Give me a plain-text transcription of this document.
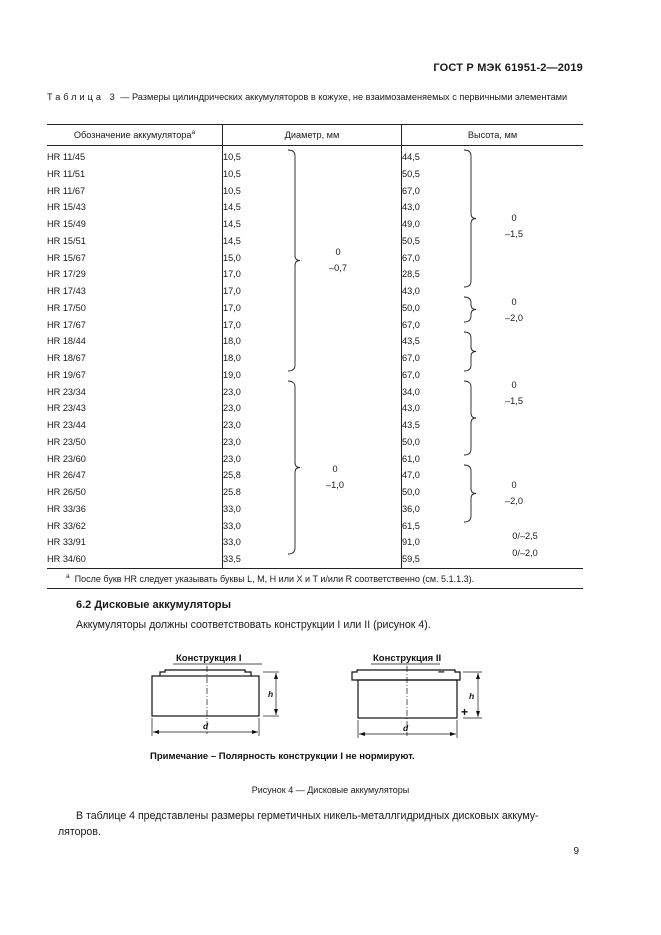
ГОСТ Р МЭК 61951-2—2019
Таблица 3 — Размеры цилиндрических аккумуляторов в кожухе, не взаимозаменяемых с первичными элементами
Обозначение аккумулятора$^а$	Диаметр, мм	Высота, мм
HR 11/45	10,5	44,5
HR 11/51	10,5	50,5
HR 11/67	10,5	67,0
HR 15/43	14,5	43,0
HR 15/49	14,5	49,0
HR 15/51	14,5	50,5
HR 15/67	15,0	67,0
HR 17/29	17,0	28,5
HR 17/43	17,0	43,0
HR 17/50	17,0	50,0
HR 17/67	17,0	67,0
HR 18/44	18,0	43,5
HR 18/67	18,0	67,0
HR 19/67	19,0	67,0
HR 23/34	23,0	34,0
HR 23/43	23,0	43,0
HR 23/44	23,0	43,5
HR 23/50	23,0	50,0
HR 23/60	23,0	61,0
HR 26/47	25,8	47,0
HR 26/50	25.8	50,0
HR 33/36	33,0	36,0
HR 33/62	33,0	61,5
HR 33/91	33,0	91,0
HR 34/60	33,5	59,5
$^а$ После букв HR следует указывать буквы L, M, H или X и T и/или R соответственно (см. 5.1.1.3).		
0
–0,7
0
–1,0
0
–1,5
0
–2,0
0
–1,5
0
–2,0
0/–2,5
0/–2,0
6.2 Дисковые аккумуляторы
Аккумуляторы должны соответствовать конструкции I или II (рисунок 4).
Конструкция I	Конструкция II
d
h
d
h
–
+
Примечание – Полярность конструкции I не нормируют.
Рисунок 4 — Дисковые аккумуляторы
В таблице 4 представлены размеры герметичных никель-металлгидридных дисковых аккуму-
ляторов.
9
